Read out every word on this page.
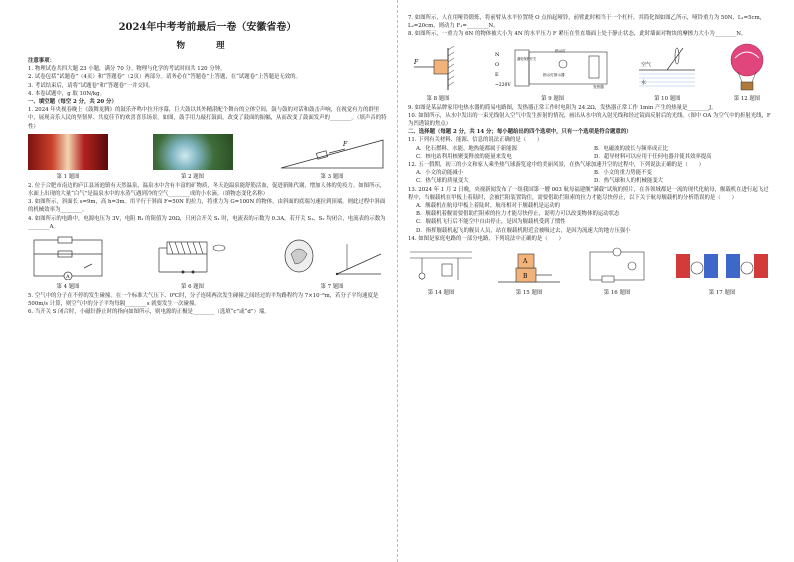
2024年中考考前最后一卷（安徽省卷）
物 理

注意事项：

1. 物理试卷共四大题 23 小题，满分 70 分。物理与化学的考试时间共 120 分钟。

2. 试卷包括“试题卷”（4页）和“答题卷”（2页）两部分。请务必在“答题卷”上答题，在“试题卷”上答题是无效的。

3. 考试结束后，请将“试题卷”和“答题卷”一并交回。

4. 本卷试题中，g 取 10N/kg。

一、填空题（每空 2 分，共 20 分）

1. 2024 年央视春晚上《鼓舞龙腾》的鼓乐齐鸣中拉开序幕，巨大鼓以其外精湛配个舞台的立体空间，鼓与鼓的对话和鼓击声响，在视觉有力的群里中，展现音乐人民的坚韧界、共度佳节的欢喜喜乐场景。如图，鼓手用力敲打鼓面，改变了鼓面的振幅，从而改变了鼓面发声的________。（填声音的特性）

第 1 题图	第 2 题图
F
第 3 题图

2. 位于合肥市南边的庐江县汤池镇有天然温泉，温泉水中含有丰富的矿物质，冬天泡温泉能舒筋活血，促进新陈代谢，增加人体的免疫力。如图所示，水面上出现的大量“白气”是温泉水中的水蒸气遇到冷的空气________成的小水滴。（填物态变化名称）

3. 如图所示，斜面长 s=9m，高 h=3m。用平行于斜面 F=50N 的拉力，将重力为 G=100N 的物体，由斜面的底端匀速拉到顶端，则此过程中斜面的机械效率为________。

4. 如图所示的电路中，电源电压为 3V，电阻 R₁ 的阻值为 20Ω，只闭合开关 S₁ 时，电流表的示数为 0.3A，若开关 S₁、S₂ 均闭合，电流表的示数为________A。

A
第 4 题图	第 6 题图	第 7 题图

5. 空气中的分子在不停的发生碰撞。在一个标准大气压下、0℃时，分子连续两次发生碰撞之间经过的平均路程约为 7×10⁻⁸m，若分子平均速度是 500m/s 计算，则空气中的分子平均每隔________s 就要发生一次碰撞。

6. 当开关 S 闭合时，小磁针静止时的指向如图所示，则电源的正极是________（选填“c”或“d”）端。

7. 如图所示，人在用哑铃锻炼，将前臂从水平位置绕 O 点抬起哑铃，前臂此时相当于一个杠杆，其简化图如图乙所示，哑铃重力为 50N，L₁=5cm，L₂=20cm，则动力 F₁=________N。

8. 如图所示，一重力为 6N 的物体被大小为 4N 的水平压力 F 紧压在竖直墙面上处于静止状态，此时墙面对物块的摩擦力大小为________N。

F
第 8 题图
N
O
E
~220V
漏电保护开关
指示灯
指示灯指示器
发热器
第 9 题图
空气
水
第 10 题图	第 12 题图

9. 如图是某品牌家用电热水器的简易电路图，发热器正常工作时电阻为 24.2Ω，发热器正常工作 1min 产生的热量是________J。

10. 如图所示，从水中发出的一束光线射入空气中发生折射的情况，画出从水中的入射光线和经过镜面反射后的光线。（图中 OA 为空气中的折射光线，F 为凹透镜的焦点）

二、选择题（每题 2 分，共 14 分；每小题给出的四个选项中，只有一个选项是符合题意的）

11. 下列有关材料、能源、信息的说法正确的是（　　）

A．化石燃料、水能、地热能都属于新能源	B．电磁波的波长与频率成正比
C．核电站利用核聚变释放的能量来发电	D．超导材料可以应用于任何电器并使其效率提高

12. 五一假期，初三的小文和家人乘坐热气球游览途中的美丽风景，在热气球加速升空的过程中，下列说法正确的是（　　）

A．小文的动能减小	B．小文的重力势能不变
C．热气球的质量变大	D．热气球和人的机械能变大

13. 2024 年 1 月 2 日晚，央视新闻发布了一组我国第一艘 003 航母福建舰“满载”试航的照片，在各领域都是一流的现代化航母，舰载机在进行起飞过程中，当舰载机在甲板上着陆时，会被拦阻装置钩住，需要借助拦阻索的拉力才能尽快停止，以下关于航母舰载机的分析错误的是（　　）

A．舰载机在航母甲板上着陆时，航母相对于舰载机是运动的
B．舰载机着舰需要借助拦阻索的拉力才能尽快停止，说明力可以改变物体的运动状态
C．舰载机飞行后不能空中自由停止，是因为舰载机受到了惯性
D．指挥舰载机起飞的舰员人员，站在舰载机附近会被吸过去，是因为流速大的地方压强小

14. 如图是家庭电路的一部分电路，下列说法中正确的是（　　）

第 14 题图
A
B
第 15 题图	第 16 题图	第 17 题图
